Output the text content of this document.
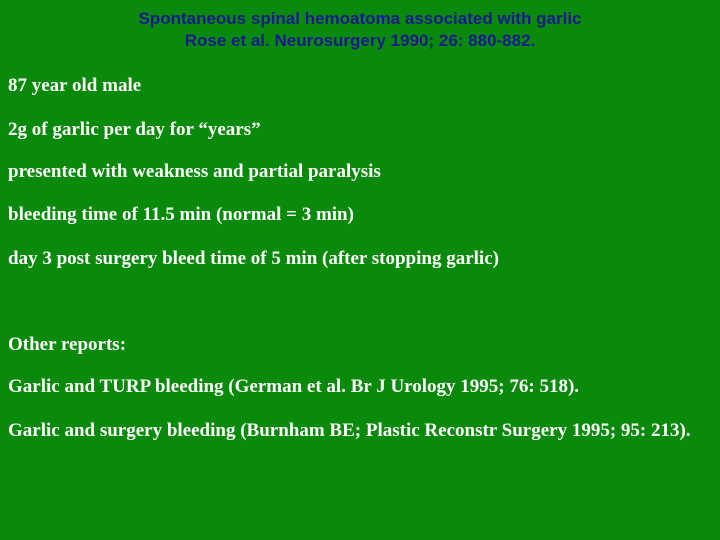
Spontaneous spinal hemoatoma associated with garlic
Rose et al. Neurosurgery 1990; 26: 880-882.
87 year old male
2g of garlic per day for “years”
presented with weakness and partial paralysis
bleeding time of 11.5 min (normal = 3 min)
day 3 post surgery bleed time of 5 min (after stopping garlic)
Other reports:
Garlic and TURP bleeding (German et al. Br J Urology 1995; 76: 518).
Garlic and surgery bleeding (Burnham BE; Plastic Reconstr Surgery 1995; 95: 213).
